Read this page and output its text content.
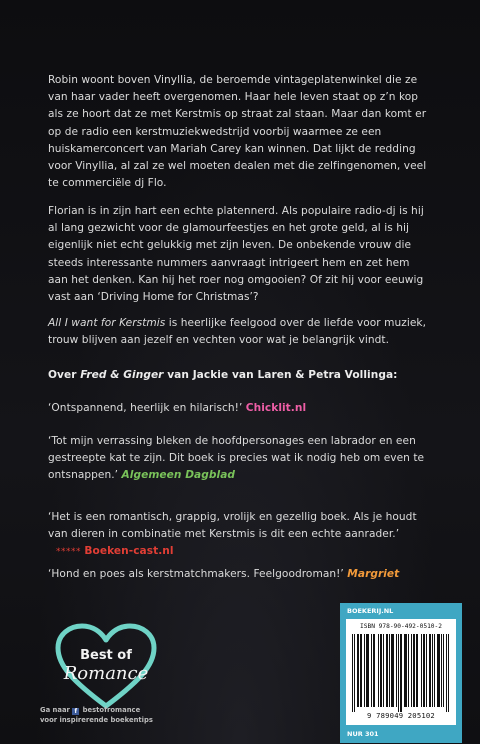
Robin woont boven Vinyllia, de beroemde vintageplatenwinkel die ze van haar vader heeft overgenomen. Haar hele leven staat op z’n kop als ze hoort dat ze met Kerstmis op straat zal staan. Maar dan komt er op de radio een kerstmuziekwedstrijd voorbij waarmee ze een huiskamerconcert van Mariah Carey kan winnen. Dat lijkt de redding voor Vinyllia, al zal ze wel moeten dealen met die zelfingenomen, veel te commerciële dj Flo.
Florian is in zijn hart een echte platennerd. Als populaire radio-dj is hij al lang gezwicht voor de glamourfeestjes en het grote geld, al is hij eigenlijk niet echt gelukkig met zijn leven. De onbekende vrouw die steeds interessante nummers aanvraagt intrigeert hem en zet hem aan het denken. Kan hij het roer nog omgooien? Of zit hij voor eeuwig vast aan ‘Driving Home for Christmas’?
All I want for Kerstmis is heerlijke feelgood over de liefde voor muziek, trouw blijven aan jezelf en vechten voor wat je belangrijk vindt.
Over Fred & Ginger van Jackie van Laren & Petra Vollinga:
‘Ontspannend, heerlijk en hilarisch!’ Chicklit.nl
‘Tot mijn verrassing bleken de hoofdpersonages een labrador en een gestreepte kat te zijn. Dit boek is precies wat ik nodig heb om even te ontsnappen.’ Algemeen Dagblad
‘Het is een romantisch, grappig, vrolijk en gezellig boek. Als je houdt van dieren in combinatie met Kerstmis is dit een echte aanrader.’
***** Boeken-cast.nl
‘Hond en poes als kerstmatchmakers. Feelgoodroman!’ Margriet
Best of
Romance
Ga naar f bestofromance
voor inspirerende boekentips
BOEKERIJ.NL
ISBN 978-90-492-0510-2
9 789049 205102
NUR 301
